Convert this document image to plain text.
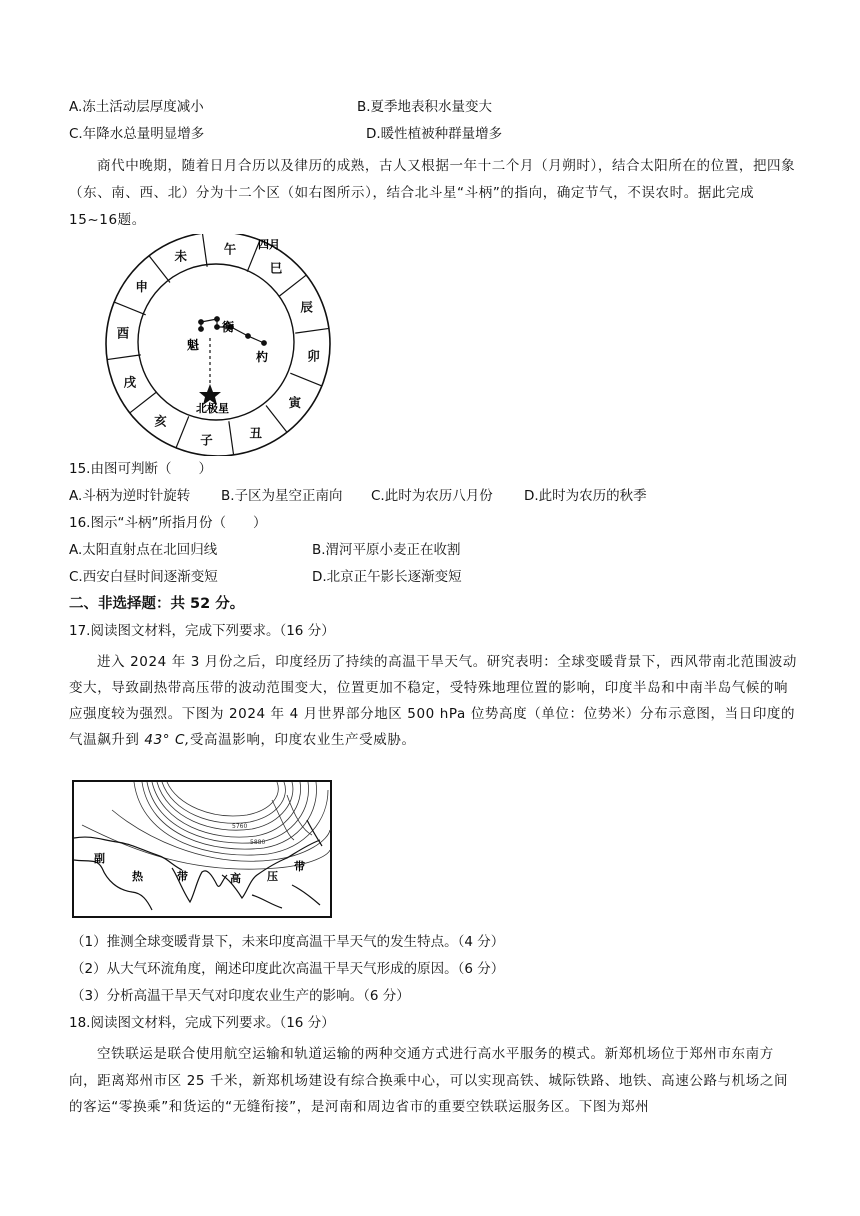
A.冻土活动层厚度减小	B.夏季地表积水量变大
C.年降水总量明显增多	D.暖性植被种群量增多
商代中晚期，随着日月合历以及律历的成熟，古人又根据一年十二个月（月朔时），结合太阳所在的位置，把四象（东、南、西、北）分为十二个区（如右图所示），结合北斗星“斗柄”的指向，确定节气，不误农时。据此完成15~16题。
午
巳
辰
卯
寅
丑
子
亥
戌
酉
申
未
衡
魁
杓
北极星
四月
15.由图可判断（　　）
A.斗柄为逆时针旋转 B.子区为星空正南向 C.此时为农历八月份 D.此时为农历的秋季
16.图示“斗柄”所指月份（　　）
A.太阳直射点在北回归线	B.渭河平原小麦正在收割
C.西安白昼时间逐渐变短	D.北京正午影长逐渐变短
二、非选择题：共 52 分。
17.阅读图文材料，完成下列要求。（16 分）
进入 2024 年 3 月份之后，印度经历了持续的高温干旱天气。研究表明：全球变暖背景下，西风带南北范围波动变大，导致副热带高压带的波动范围变大，位置更加不稳定，受特殊地理位置的影响，印度半岛和中南半岛气候的响应强度较为强烈。下图为 2024 年 4 月世界部分地区 500 hPa 位势高度（单位：位势米）分布示意图，当日印度的气温飙升到 43° C,受高温影响，印度农业生产受威胁。
5760
5880
副
热	带	高 压
带
（1）推测全球变暖背景下，未来印度高温干旱天气的发生特点。（4 分）
（2）从大气环流角度，阐述印度此次高温干旱天气形成的原因。（6 分）
（3）分析高温干旱天气对印度农业生产的影响。（6 分）
18.阅读图文材料，完成下列要求。（16 分）
空铁联运是联合使用航空运输和轨道运输的两种交通方式进行高水平服务的模式。新郑机场位于郑州市东南方向，距离郑州市区 25 千米，新郑机场建设有综合换乘中心，可以实现高铁、城际铁路、地铁、高速公路与机场之间的客运“零换乘”和货运的“无缝衔接”，是河南和周边省市的重要空铁联运服务区。下图为郑州
